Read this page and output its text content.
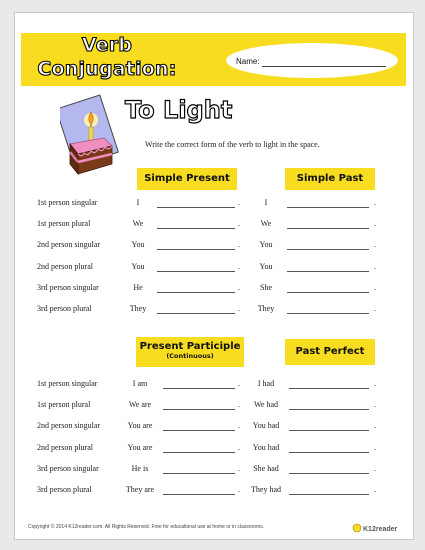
Verb
Conjugation:	Name:
To Light
Write the correct form of the verb to light in the space.
Simple Present	Simple Past
1st person singular	I	.	I	.
1st person plural	We	.	We	.
2nd person singular	You	.	You	.
2nd person plural	You	.	You	.
3rd person singular	He	.	She	.
3rd person plural	They	.	They	.
Present Participle
(Continuous)	Past Perfect
1st person singular	I am	.	I had	.
1st person plural	We are	.	We had	.
2nd person singular	You are	.	You had	.
2nd person plural	You are	.	You had	.
3rd person singular	He is	.	She had	.
3rd person plural	They are	.	They had	.
Copyright © 2014 K12reader.com. All Rights Reserved. Free for educational use at home or in classrooms.	K12reader
